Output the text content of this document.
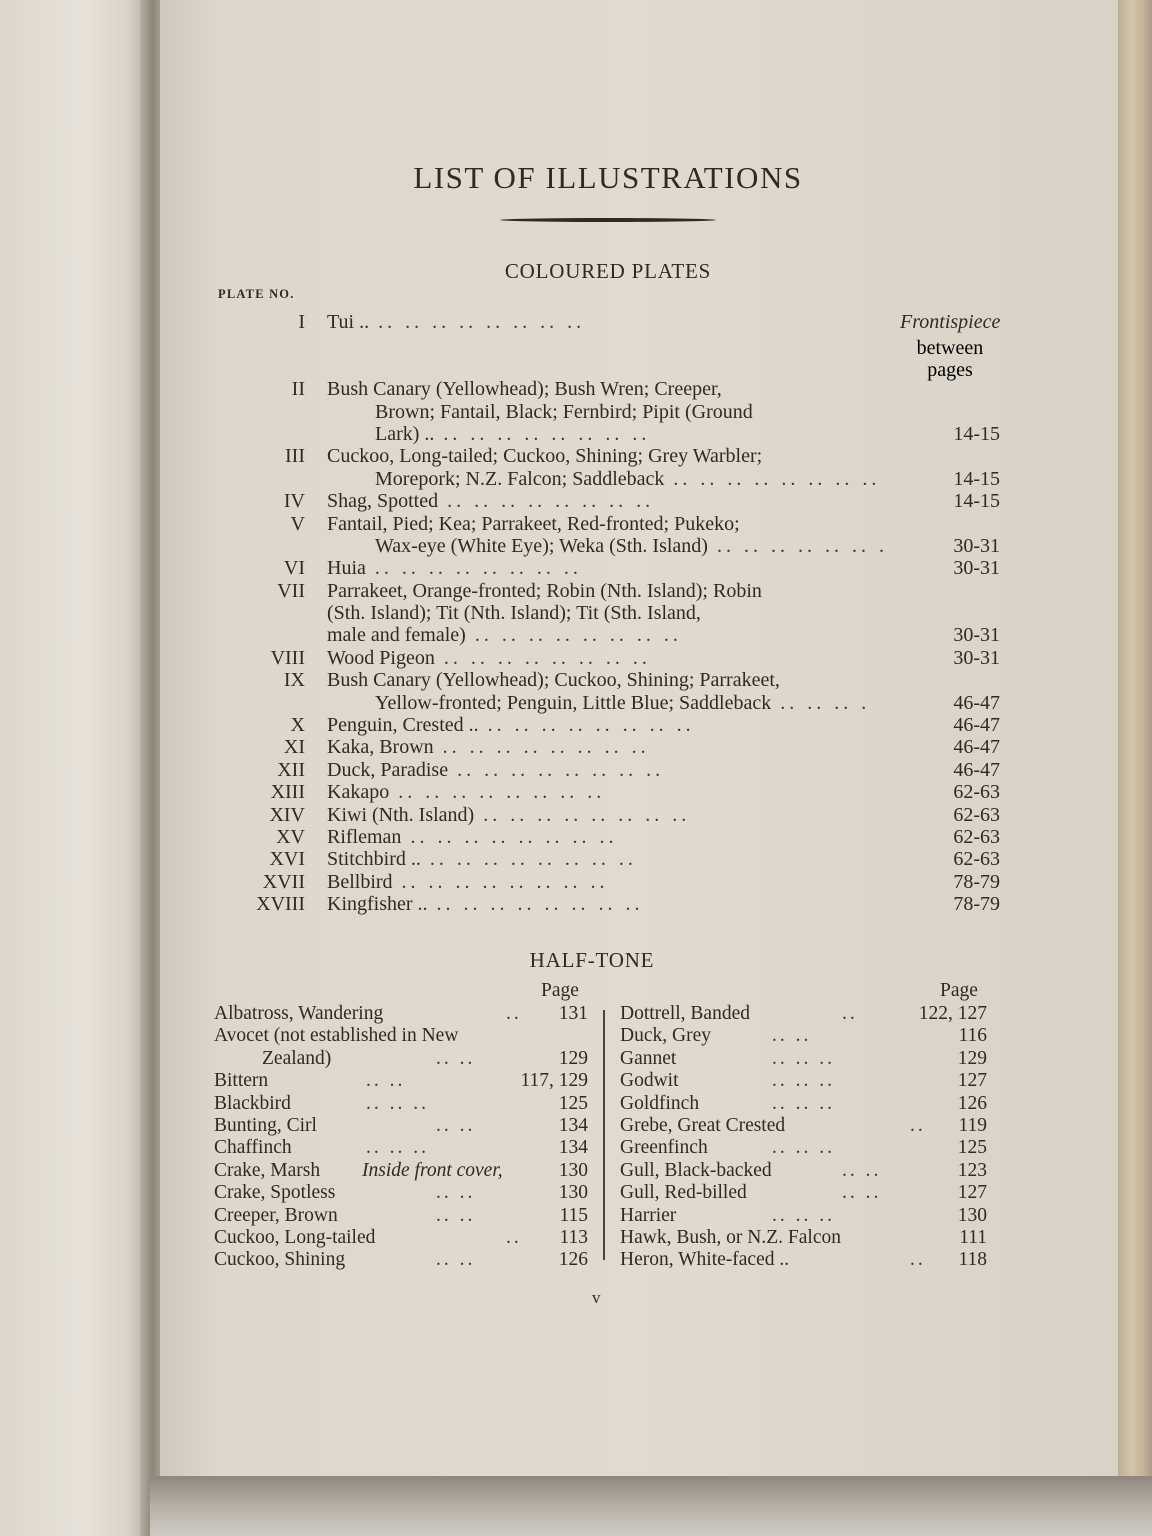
LIST OF ILLUSTRATIONS
COLOURED PLATES
PLATE NO.
between
pages
I Tui .. .. .. .. .. .. .. .. ..	Frontispiece
II Bush Canary (Yellowhead); Bush Wren; Creeper,
Brown; Fantail, Black; Fernbird; Pipit (Ground
Lark) .. .. .. .. .. .. .. .. ..	14-15
III Cuckoo, Long-tailed; Cuckoo, Shining; Grey Warbler;
Morepork; N.Z. Falcon; Saddleback .. .. .. .. .. .. .. ..	14-15
IV Shag, Spotted .. .. .. .. .. .. .. ..	14-15
V Fantail, Pied; Kea; Parrakeet, Red-fronted; Pukeko;
Wax-eye (White Eye); Weka (Sth. Island) .. .. .. .. .. .. .	30-31
VI Huia .. .. .. .. .. .. .. ..	30-31
VII Parrakeet, Orange-fronted; Robin (Nth. Island); Robin
(Sth. Island); Tit (Nth. Island); Tit (Sth. Island,
male and female) .. .. .. .. .. .. .. ..	30-31
VIII Wood Pigeon .. .. .. .. .. .. .. ..	30-31
IX Bush Canary (Yellowhead); Cuckoo, Shining; Parrakeet,
Yellow-fronted; Penguin, Little Blue; Saddleback .. .. .. .	46-47
X Penguin, Crested .. .. .. .. .. .. .. .. ..	46-47
XI Kaka, Brown .. .. .. .. .. .. .. ..	46-47
XII Duck, Paradise .. .. .. .. .. .. .. ..	46-47
XIII Kakapo .. .. .. .. .. .. .. ..	62-63
XIV Kiwi (Nth. Island) .. .. .. .. .. .. .. ..	62-63
XV Rifleman .. .. .. .. .. .. .. ..	62-63
XVI Stitchbird .. .. .. .. .. .. .. .. ..	62-63
XVII Bellbird .. .. .. .. .. .. .. ..	78-79
XVIII Kingfisher .. .. .. .. .. .. .. .. ..	78-79
HALF-TONE
Page	Page
Albatross, Wandering	.. 131
Avocet (not established in New
Zealand)	.. ..	129
Bittern	.. ..	117, 129
Blackbird	.. .. ..	125
Bunting, Cirl	.. ..	134
Chaffinch	.. .. ..	134
Crake, Marsh Inside front cover,	130
Crake, Spotless	.. ..	130
Creeper, Brown	.. ..	115
Cuckoo, Long-tailed	.. 113
Cuckoo, Shining	.. ..	126
Dottrell, Banded	..	122, 127
Duck, Grey	.. ..	116
Gannet	.. .. ..	129
Godwit	.. .. ..	127
Goldfinch	.. .. ..	126
Grebe, Great Crested	.. 119
Greenfinch	.. .. ..	125
Gull, Black-backed	.. ..	123
Gull, Red-billed	.. ..	127
Harrier	.. .. ..	130
Hawk, Bush, or N.Z. Falcon	111
Heron, White-faced ..	.. 118
v
